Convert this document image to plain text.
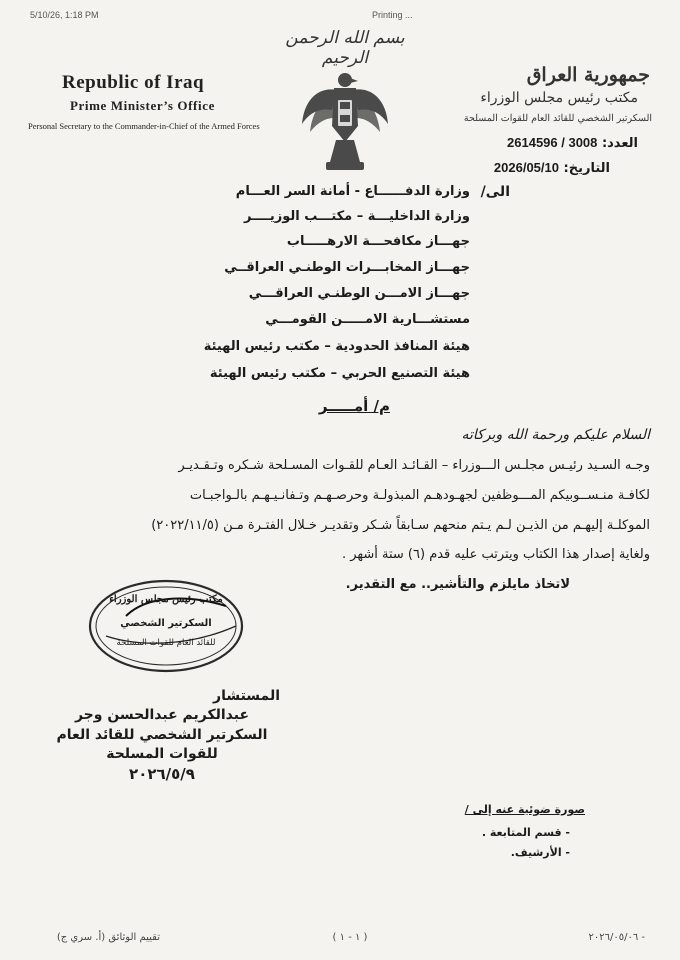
5/10/26, 1:18 PM	Printing ...
بسم الله الرحمن الرحيم
Republic of Iraq
Prime Minister’s Office
Personal Secretary to the Commander-in-Chief of the Armed Forces
جمهورية العراق
مكتب رئيس مجلس الوزراء
السكرتير الشخصي للقائد العام للقوات المسلحة
العدد: 2614596 / 3008
التاريخ: 2026/05/10
الى/
وزارة الدفــــــاع - أمانة السر العـــام
وزارة الداخليـــة – مكتـــب الوزيــــر
جهـــاز مكافحـــة الارهـــــاب
جهـــاز المخابـــرات الوطنـي العراقــي
جهـــاز الامـــن الوطنـي العراقـــي
مستشـــارية الامـــــن القومـــي
هيئة المنافذ الحدودية – مكتب رئيس الهيئة
هيئة التصنيع الحربي – مكتب رئيس الهيئة
م/ أمـــــر
السلام عليكم ورحمة الله وبركاته
وجـه السـيد رئيـس مجلـس الـــوزراء – القـائـد العـام للقـوات المسـلحة شـكره وتـقـديـر
لكافـة منـســوبيكم المـــوظفين لجهـودهـم المبذولـة وحرصـهـم وتـفانـيـهـم بالـواجبـات
الموكلـة إليهـم من الذيـن لـم يـتم منحهم سـابقاً شـكر وتقديـر خـلال الفتـرة مـن (٢٠٢٢/١١/٥)
ولغاية إصدار هذا الكتاب ويترتب عليه قدم (٦) ستة أشهر .
لاتخاذ مايلزم والتأشير.. مع التقدير.
مكتب رئيس مجلس الوزراء
السكرتير الشخصي
للقائد العام للقوات المسلحة
المستشار
عبدالكريم عبدالحسن وجر
السكرتير الشخصي للقائد العام
للقوات المسلحة
٢٠٢٦/٥/٩
صورة ضوئية عنه إلى /
- قسم المتابعة .
- الأرشيف.
تقييم الوثائق (أ. سري ج)	( ١ - ١ )	٢٠٢٦/٠٥/٠٦ -
